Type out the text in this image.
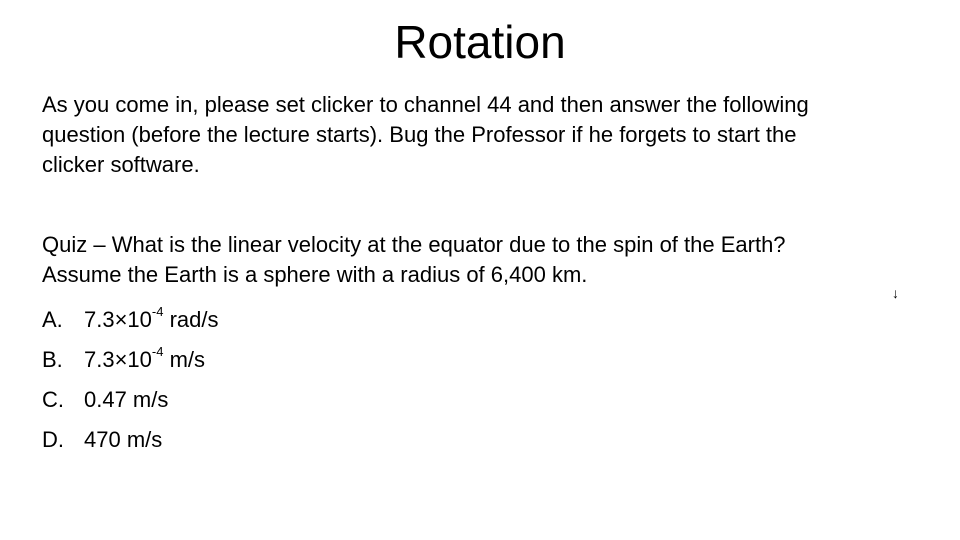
Rotation
As you come in, please set clicker to channel 44 and then answer the following question (before the lecture starts). Bug the Professor if he forgets to start the clicker software.
Quiz – What is the linear velocity at the equator due to the spin of the Earth? Assume the Earth is a sphere with a radius of 6,400 km.
A. $7.3\times 10^{-4}$ rad/s
B. $7.3\times 10^{-4}$ m/s
C. 0.47 m/s
D. 470 m/s
↓
